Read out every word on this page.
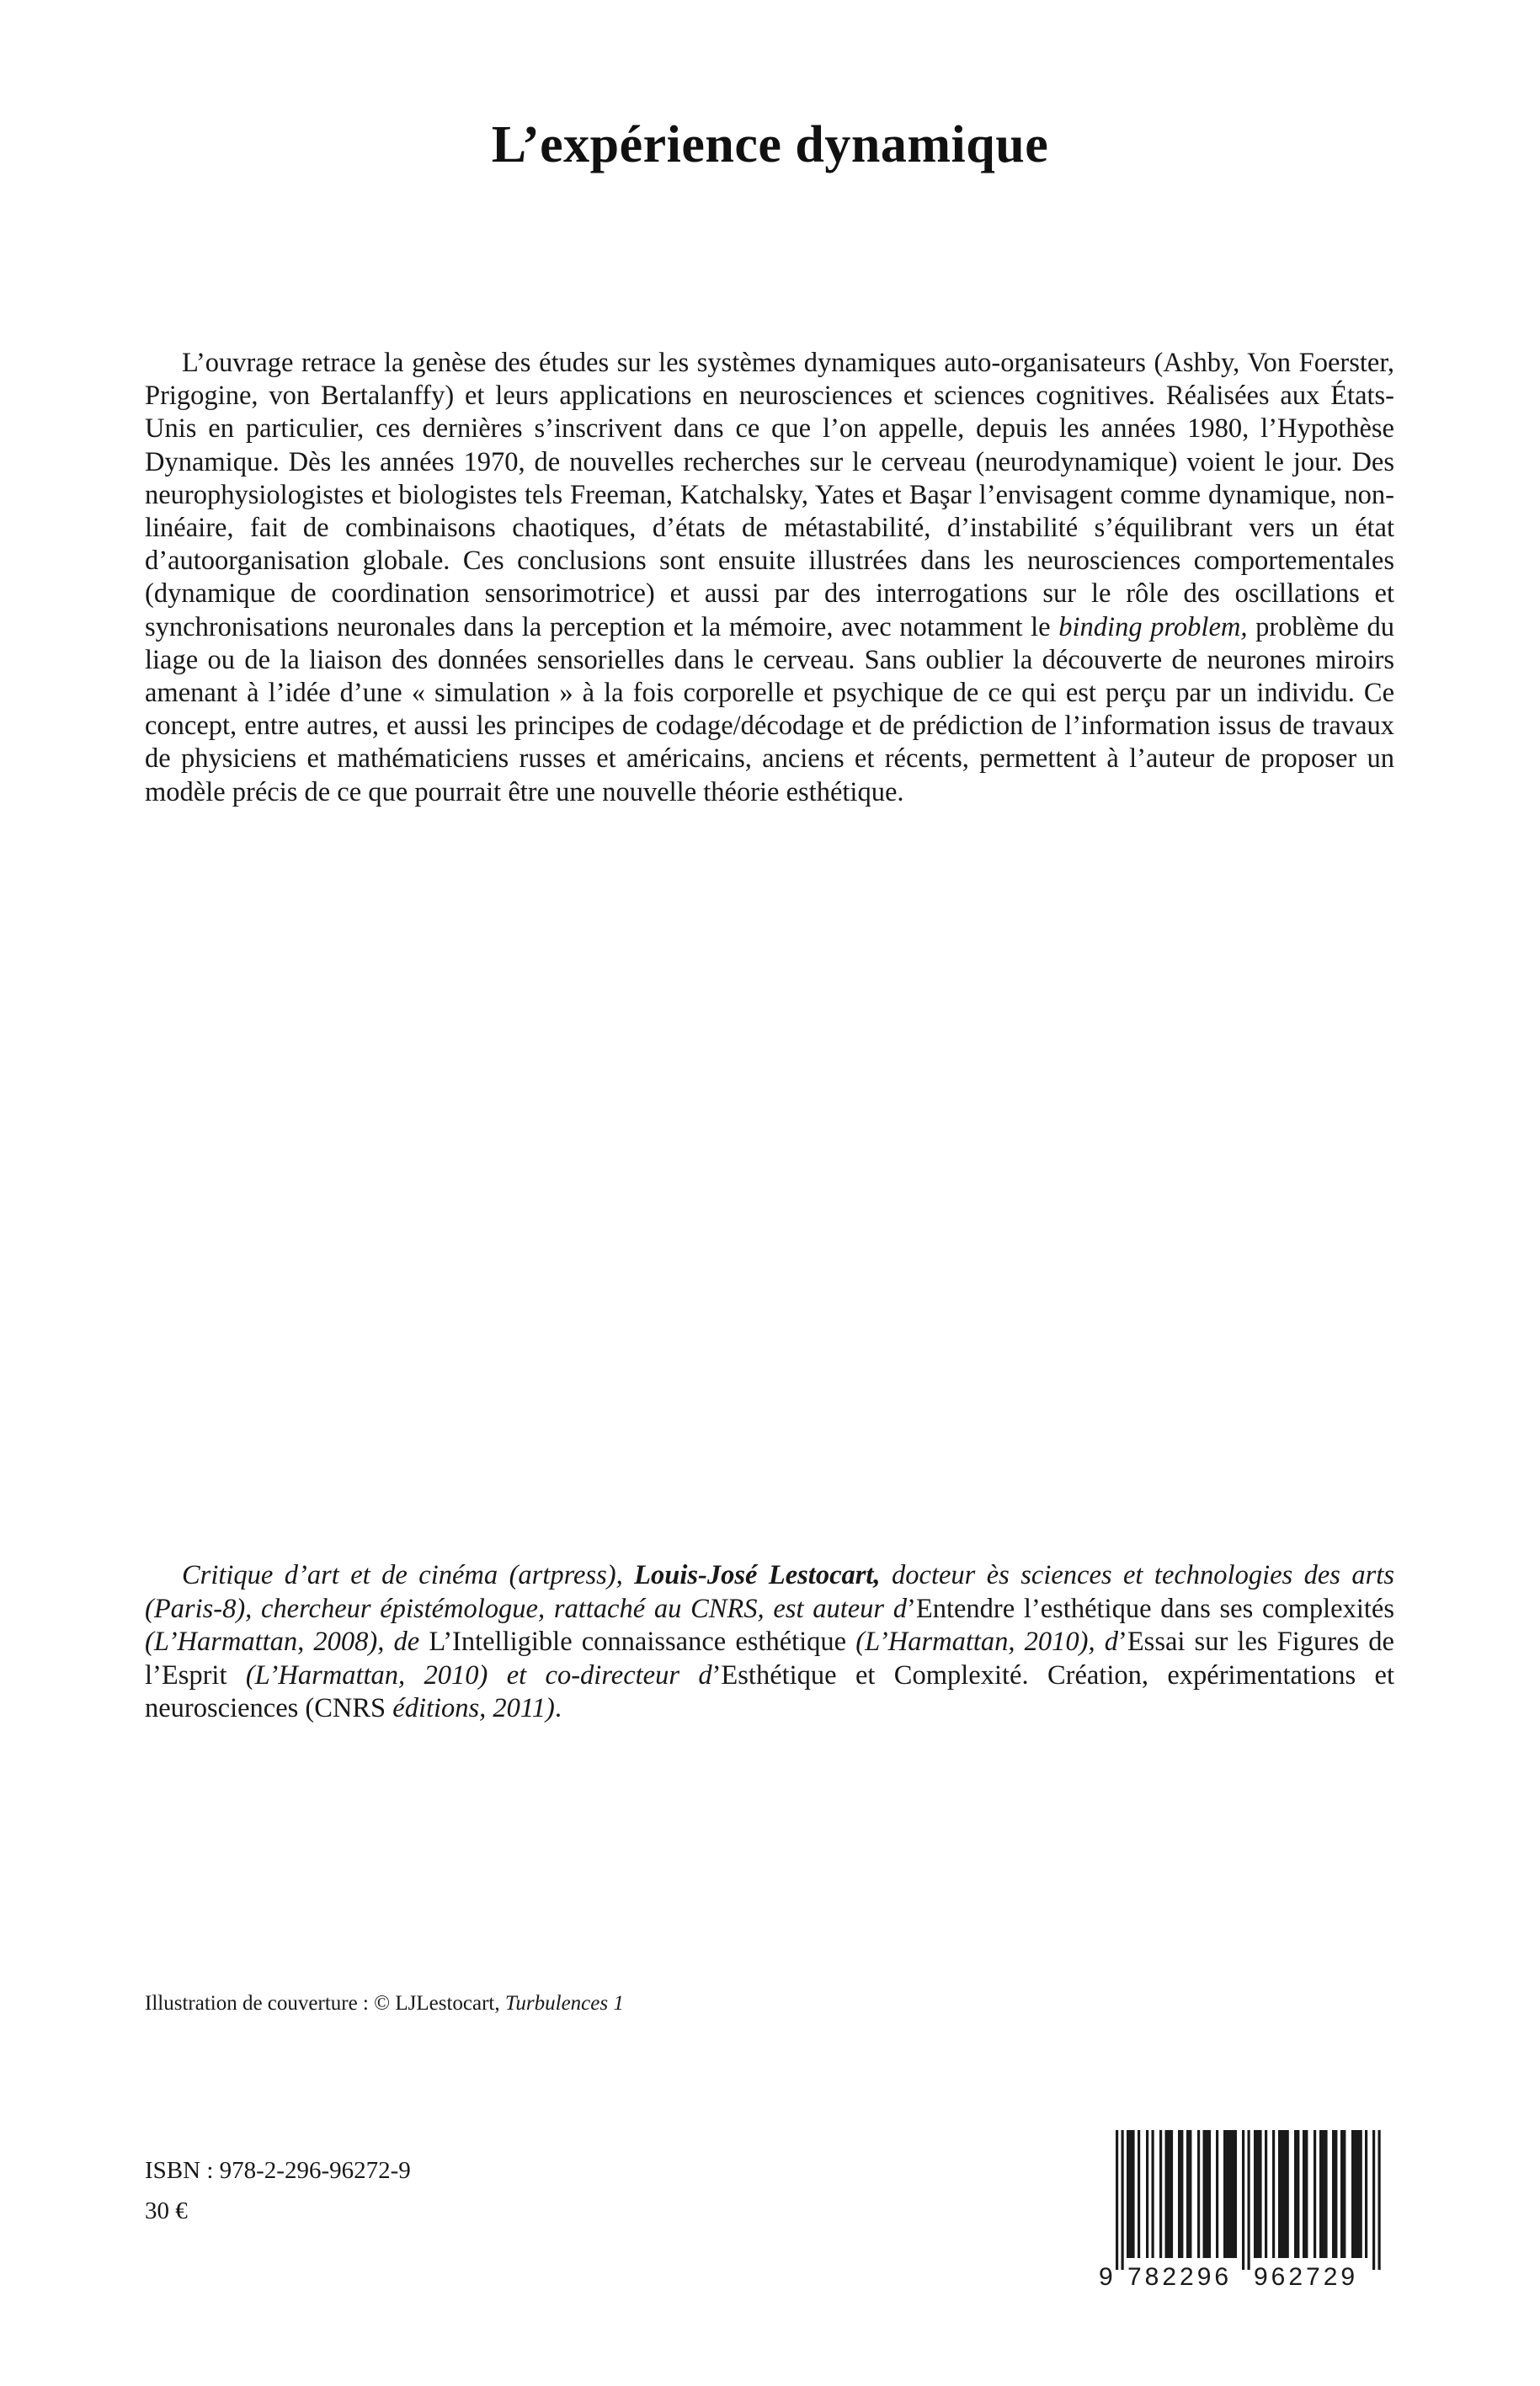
L’expérience dynamique

L’ouvrage retrace la genèse des études sur les systèmes dynamiques auto-organisateurs (Ashby, Von Foerster, Prigogine, von Bertalanffy) et leurs applications en neurosciences et sciences cognitives. Réalisées aux États-Unis en particulier, ces dernières s’inscrivent dans ce que l’on appelle, depuis les années 1980, l’Hypothèse Dynamique. Dès les années 1970, de nouvelles recherches sur le cerveau (neurodynamique) voient le jour. Des neurophysiologistes et biologistes tels Freeman, Katchalsky, Yates et Başar l’envisagent comme dynamique, non-linéaire, fait de combinaisons chaotiques, d’états de métastabilité, d’instabilité s’équilibrant vers un état d’autoorganisation globale. Ces conclusions sont ensuite illustrées dans les neurosciences comportementales (dynamique de coordination sensorimotrice) et aussi par des interrogations sur le rôle des oscillations et synchronisations neuronales dans la perception et la mémoire, avec notamment le binding problem, problème du liage ou de la liaison des données sensorielles dans le cerveau. Sans oublier la découverte de neurones miroirs amenant à l’idée d’une « simulation » à la fois corporelle et psychique de ce qui est perçu par un individu. Ce concept, entre autres, et aussi les principes de codage/décodage et de prédiction de l’information issus de travaux de physiciens et mathématiciens russes et américains, anciens et récents, permettent à l’auteur de proposer un modèle précis de ce que pourrait être une nouvelle théorie esthétique.

Critique d’art et de cinéma (artpress), Louis-José Lestocart, docteur ès sciences et technologies des arts (Paris-8), chercheur épistémologue, rattaché au CNRS, est auteur d’Entendre l’esthétique dans ses complexités (L’Harmattan, 2008), de L’Intelligible connaissance esthétique (L’Harmattan, 2010), d’Essai sur les Figures de l’Esprit (L’Harmattan, 2010) et co-directeur d’Esthétique et Complexité. Création, expérimentations et neurosciences (CNRS éditions, 2011).

Illustration de couverture : © LJLestocart, Turbulences 1
ISBN : 978-2-296-96272-9
30 €
9 782296 962729
